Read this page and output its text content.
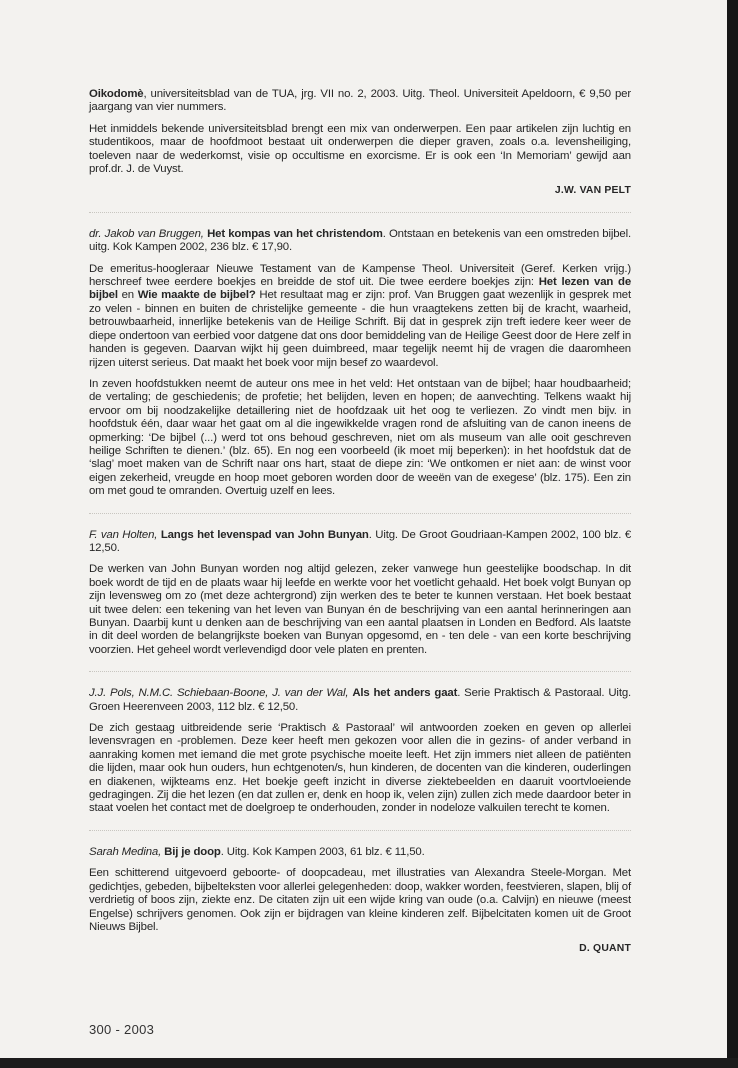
Oikodomè, universiteitsblad van de TUA, jrg. VII no. 2, 2003. Uitg. Theol. Universiteit Apeldoorn, € 9,50 per jaargang van vier nummers.

Het inmiddels bekende universiteitsblad brengt een mix van onderwerpen. Een paar artikelen zijn luchtig en studentikoos, maar de hoofdmoot bestaat uit onderwerpen die dieper graven, zoals o.a. levensheiliging, toeleven naar de wederkomst, visie op occultisme en exorcisme. Er is ook een ‘In Memoriam’ gewijd aan prof.dr. J. de Vuyst.

J.W. VAN PELT

dr. Jakob van Bruggen, Het kompas van het christendom. Ontstaan en betekenis van een omstreden bijbel. uitg. Kok Kampen 2002, 236 blz. € 17,90.

De emeritus-hoogleraar Nieuwe Testament van de Kampense Theol. Universiteit (Geref. Kerken vrijg.) herschreef twee eerdere boekjes en breidde de stof uit. Die twee eerdere boekjes zijn: Het lezen van de bijbel en Wie maakte de bijbel? Het resultaat mag er zijn: prof. Van Bruggen gaat wezenlijk in gesprek met zo velen - binnen en buiten de christelijke gemeente - die hun vraagtekens zetten bij de kracht, waarheid, betrouwbaarheid, innerlijke betekenis van de Heilige Schrift. Bij dat in gesprek zijn treft iedere keer weer de diepe ondertoon van eerbied voor datgene dat ons door bemiddeling van de Heilige Geest door de Here zelf in handen is gegeven. Daarvan wijkt hij geen duimbreed, maar tegelijk neemt hij de vragen die daaromheen rijzen uiterst serieus. Dat maakt het boek voor mijn besef zo waardevol.

In zeven hoofdstukken neemt de auteur ons mee in het veld: Het ontstaan van de bijbel; haar houdbaarheid; de vertaling; de geschiedenis; de profetie; het belijden, leven en hopen; de aanvechting. Telkens waakt hij ervoor om bij noodzakelijke detaillering niet de hoofdzaak uit het oog te verliezen. Zo vindt men bijv. in hoofdstuk één, daar waar het gaat om al die ingewikkelde vragen rond de afsluiting van de canon ineens de opmerking: ‘De bijbel (...) werd tot ons behoud geschreven, niet om als museum van alle ooit geschreven heilige Schriften te dienen.’ (blz. 65). En nog een voorbeeld (ik moet mij beperken): in het hoofdstuk dat de ‘slag’ moet maken van de Schrift naar ons hart, staat de diepe zin: ‘We ontkomen er niet aan: de winst voor eigen zekerheid, vreugde en hoop moet geboren worden door de weeën van de exegese’ (blz. 175). Een zin om met goud te omranden. Overtuig uzelf en lees.

F. van Holten, Langs het levenspad van John Bunyan. Uitg. De Groot Goudriaan-Kampen 2002, 100 blz. € 12,50.

De werken van John Bunyan worden nog altijd gelezen, zeker vanwege hun geestelijke boodschap. In dit boek wordt de tijd en de plaats waar hij leefde en werkte voor het voetlicht gehaald. Het boek volgt Bunyan op zijn levensweg om zo (met deze achtergrond) zijn werken des te beter te kunnen verstaan. Het boek bestaat uit twee delen: een tekening van het leven van Bunyan én de beschrijving van een aantal herinneringen aan Bunyan. Daarbij kunt u denken aan de beschrijving van een aantal plaatsen in Londen en Bedford. Als laatste in dit deel worden de belangrijkste boeken van Bunyan opgesomd, en - ten dele - van een korte beschrijving voorzien. Het geheel wordt verlevendigd door vele platen en prenten.

J.J. Pols, N.M.C. Schiebaan-Boone, J. van der Wal, Als het anders gaat. Serie Praktisch & Pastoraal. Uitg. Groen Heerenveen 2003, 112 blz. € 12,50.

De zich gestaag uitbreidende serie ‘Praktisch & Pastoraal’ wil antwoorden zoeken en geven op allerlei levensvragen en -problemen. Deze keer heeft men gekozen voor allen die in gezins- of ander verband in aanraking komen met iemand die met grote psychische moeite leeft. Het zijn immers niet alleen de patiënten die lijden, maar ook hun ouders, hun echtgenoten/s, hun kinderen, de docenten van die kinderen, ouderlingen en diakenen, wijkteams enz. Het boekje geeft inzicht in diverse ziektebeelden en daaruit voortvloeiende gedragingen. Zij die het lezen (en dat zullen er, denk en hoop ik, velen zijn) zullen zich mede daardoor beter in staat voelen het contact met de doelgroep te onderhouden, zonder in nodeloze valkuilen terecht te komen.

Sarah Medina, Bij je doop. Uitg. Kok Kampen 2003, 61 blz. € 11,50.

Een schitterend uitgevoerd geboorte- of doopcadeau, met illustraties van Alexandra Steele-Morgan. Met gedichtjes, gebeden, bijbelteksten voor allerlei gelegenheden: doop, wakker worden, feestvieren, slapen, blij of verdrietig of boos zijn, ziekte enz. De citaten zijn uit een wijde kring van oude (o.a. Calvijn) en nieuwe (meest Engelse) schrijvers genomen. Ook zijn er bijdragen van kleine kinderen zelf. Bijbelcitaten komen uit de Groot Nieuws Bijbel.

D. QUANT

300 - 2003
